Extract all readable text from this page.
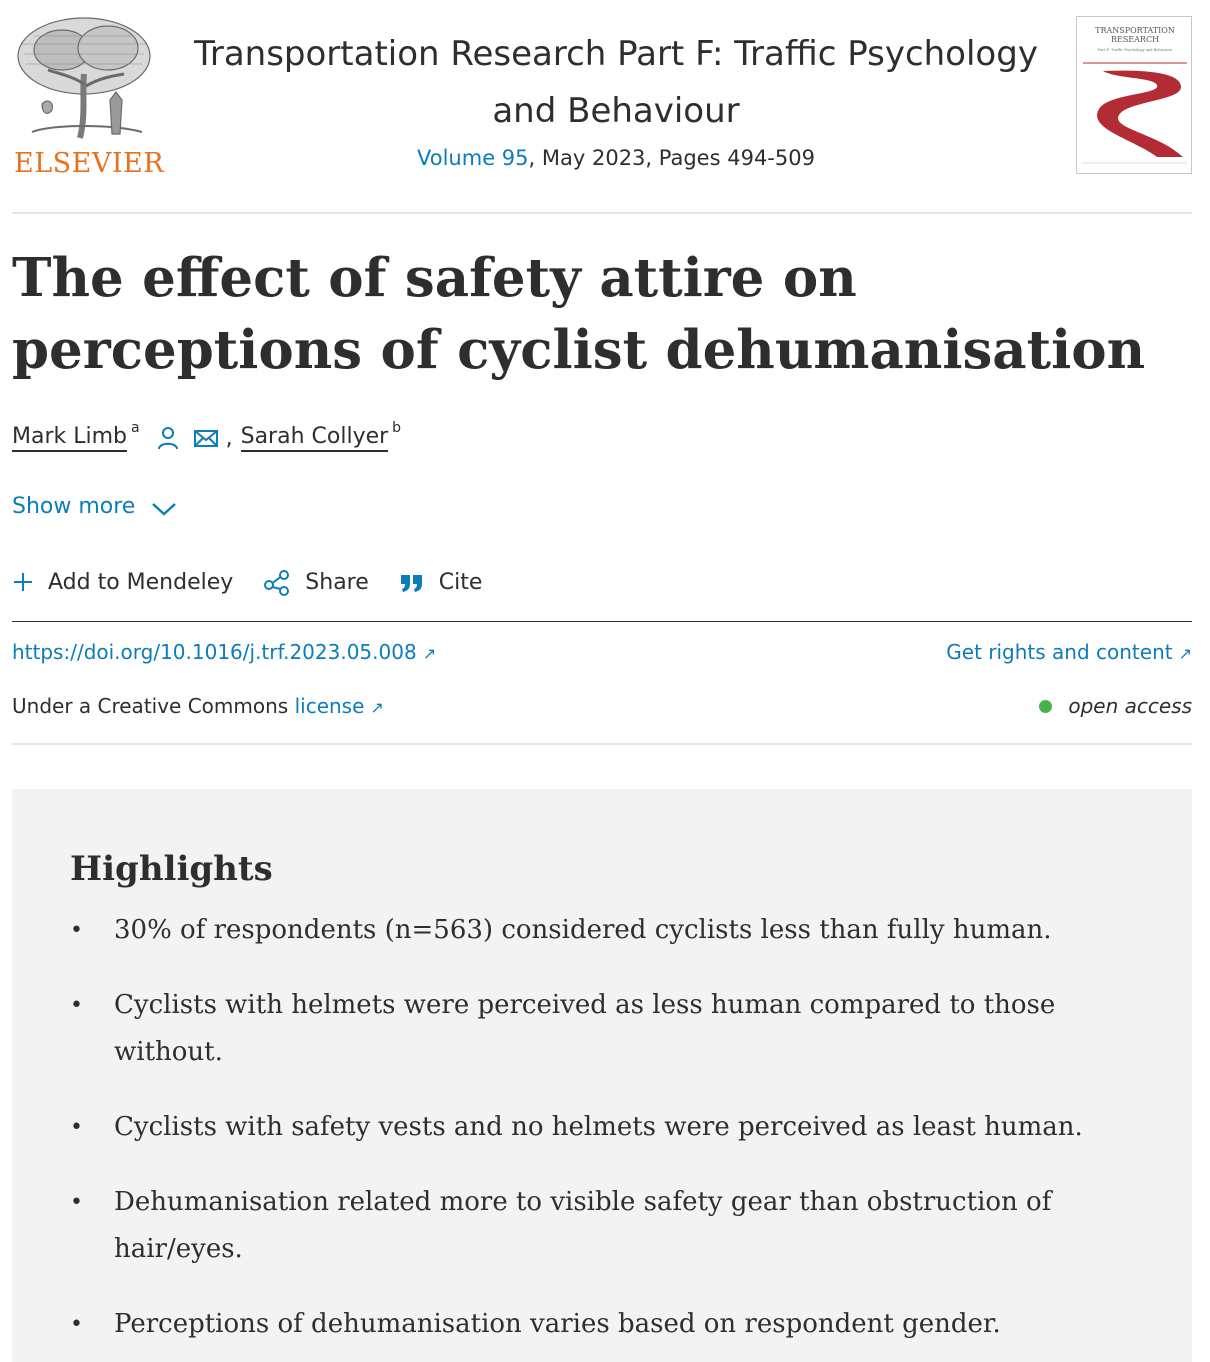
ELSEVIER
Transportation Research Part F: Traffic Psychology and Behaviour
Volume 95, May 2023, Pages 494-509
TRANSPORTATION
RESEARCH
Part F: Traffic Psychology and Behaviour
The effect of safety attire on perceptions of cyclist dehumanisation
Mark Limb a	, Sarah Collyer b
Show more
Add to Mendeley	Share	Cite
https://doi.org/10.1016/j.trf.2023.05.008 ↗	Get rights and content ↗
Under a Creative Commons license ↗	open access
Highlights
• 30% of respondents (n=563) considered cyclists less than fully human.
• Cyclists with helmets were perceived as less human compared to those without.
• Cyclists with safety vests and no helmets were perceived as least human.
• Dehumanisation related more to visible safety gear than obstruction of hair/eyes.
• Perceptions of dehumanisation varies based on respondent gender.
